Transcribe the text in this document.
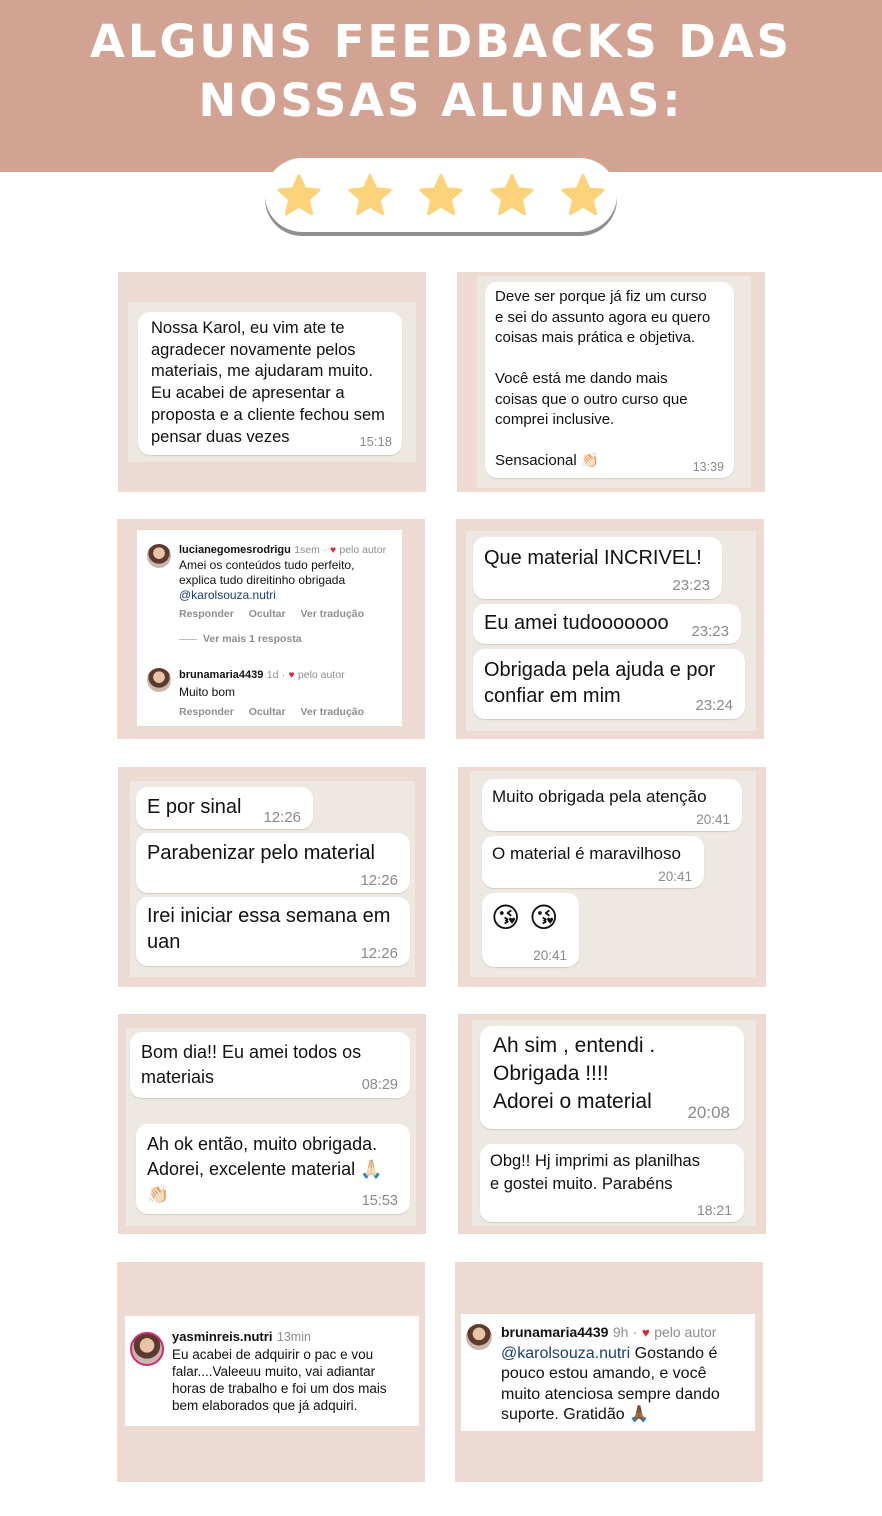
ALGUNS FEEDBACKS DAS
NOSSAS ALUNAS:
Nossa Karol, eu vim ate te
agradecer novamente pelos
materiais, me ajudaram muito.
Eu acabei de apresentar a
proposta e a cliente fechou sem
pensar duas vezes	15:18
Deve ser porque já fiz um curso
e sei do assunto agora eu quero
coisas mais prática e objetiva.

Você está me dando mais
coisas que o outro curso que
comprei inclusive.

Sensacional 👏🏻	13:39
lucianegomesrodrigu 1sem · ♥ pelo autor
Amei os conteúdos tudo perfeito,
explica tudo direitinho obrigada
@karolsouza.nutri
Responder Ocultar Ver tradução
Ver mais 1 resposta
brunamaria4439 1d · ♥ pelo autor
Muito bom
Responder Ocultar Ver tradução
Que material INCRIVEL!
23:23
Eu amei tudooooooo 23:23
Obrigada pela ajuda e por
confiar em mim	23:24
E por sinal 12:26
Parabenizar pelo material
12:26
Irei iniciar essa semana em
uan
12:26
Muito obrigada pela atenção
20:41
O material é maravilhoso
20:41
😘 😘
20:41
Bom dia!! Eu amei todos os
materiais	08:29
Ah ok então, muito obrigada.
Adorei, excelente material 🙏🏻
👏🏻	15:53
Ah sim , entendi .
Obrigada !!!!
Adorei o material 20:08
Obg!! Hj imprimi as planilhas
e gostei muito. Parabéns
18:21
yasminreis.nutri 13min
Eu acabei de adquirir o pac e vou
falar....Valeeuu muito, vai adiantar
horas de trabalho e foi um dos mais
bem elaborados que já adquiri.
brunamaria4439 9h · ♥ pelo autor
@karolsouza.nutri Gostando é
pouco estou amando, e você
muito atenciosa sempre dando
suporte. Gratidão 🙏🏾
